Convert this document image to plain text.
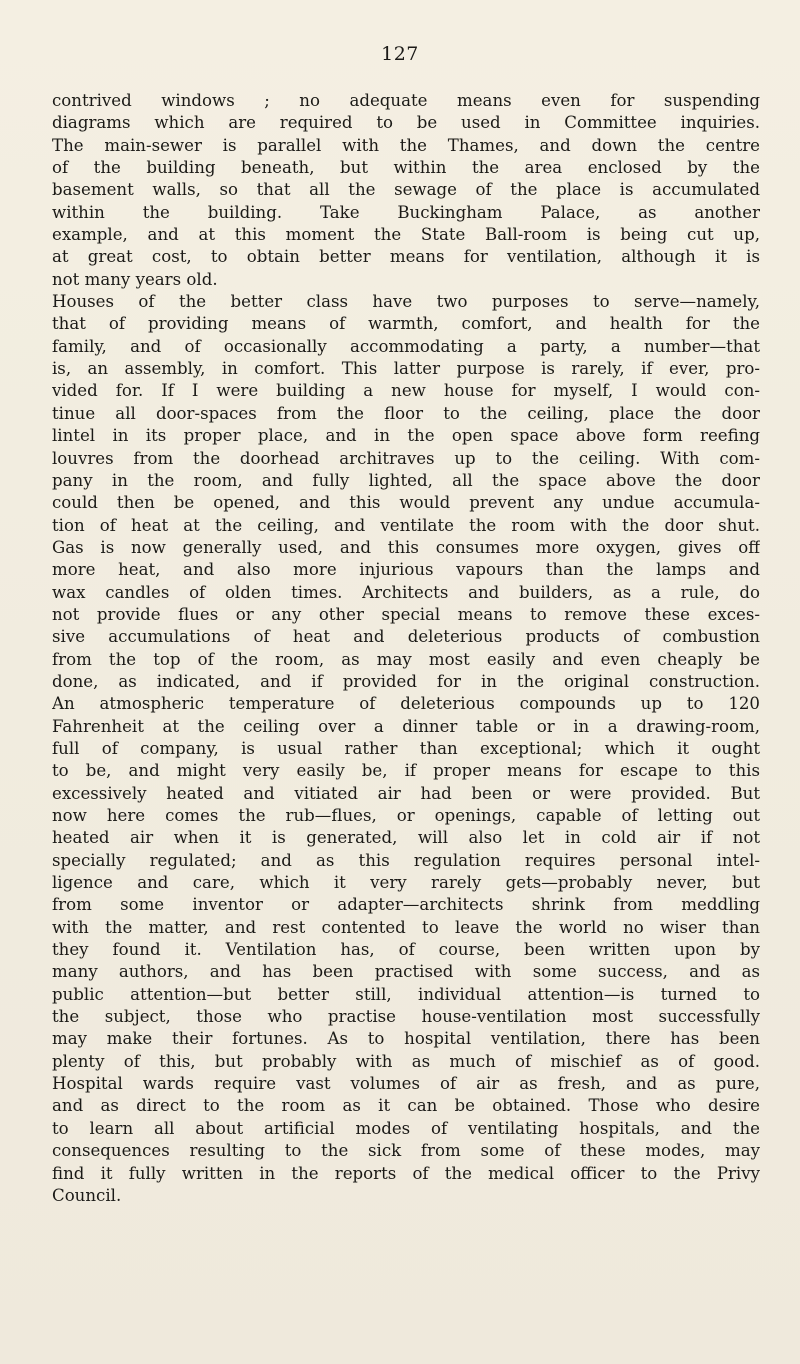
127
contrived windows ; no adequate means even for suspending
diagrams which are required to be used in Committee inquiries.
The main-sewer is parallel with the Thames, and down the centre
of the building beneath, but within the area enclosed by the
basement walls, so that all the sewage of the place is accumulated
within the building. Take Buckingham Palace, as another
example, and at this moment the State Ball-room is being cut up,
at great cost, to obtain better means for ventilation, although it is
not many years old.
Houses of the better class have two purposes to serve—namely,
that of providing means of warmth, comfort, and health for the
family, and of occasionally accommodating a party, a number—that
is, an assembly, in comfort. This latter purpose is rarely, if ever, pro-
vided for. If I were building a new house for myself, I would con-
tinue all door-spaces from the floor to the ceiling, place the door
lintel in its proper place, and in the open space above form reefing
louvres from the doorhead architraves up to the ceiling. With com-
pany in the room, and fully lighted, all the space above the door
could then be opened, and this would prevent any undue accumula-
tion of heat at the ceiling, and ventilate the room with the door shut.
Gas is now generally used, and this consumes more oxygen, gives off
more heat, and also more injurious vapours than the lamps and
wax candles of olden times. Architects and builders, as a rule, do
not provide flues or any other special means to remove these exces-
sive accumulations of heat and deleterious products of combustion
from the top of the room, as may most easily and even cheaply be
done, as indicated, and if provided for in the original construction.
An atmospheric temperature of deleterious compounds up to 120
Fahrenheit at the ceiling over a dinner table or in a drawing-room,
full of company, is usual rather than exceptional; which it ought
to be, and might very easily be, if proper means for escape to this
excessively heated and vitiated air had been or were provided. But
now here comes the rub—flues, or openings, capable of letting out
heated air when it is generated, will also let in cold air if not
specially regulated; and as this regulation requires personal intel-
ligence and care, which it very rarely gets—probably never, but
from some inventor or adapter—architects shrink from meddling
with the matter, and rest contented to leave the world no wiser than
they found it. Ventilation has, of course, been written upon by
many authors, and has been practised with some success, and as
public attention—but better still, individual attention—is turned to
the subject, those who practise house-ventilation most successfully
may make their fortunes. As to hospital ventilation, there has been
plenty of this, but probably with as much of mischief as of good.
Hospital wards require vast volumes of air as fresh, and as pure,
and as direct to the room as it can be obtained. Those who desire
to learn all about artificial modes of ventilating hospitals, and the
consequences resulting to the sick from some of these modes, may
find it fully written in the reports of the medical officer to the Privy
Council.
